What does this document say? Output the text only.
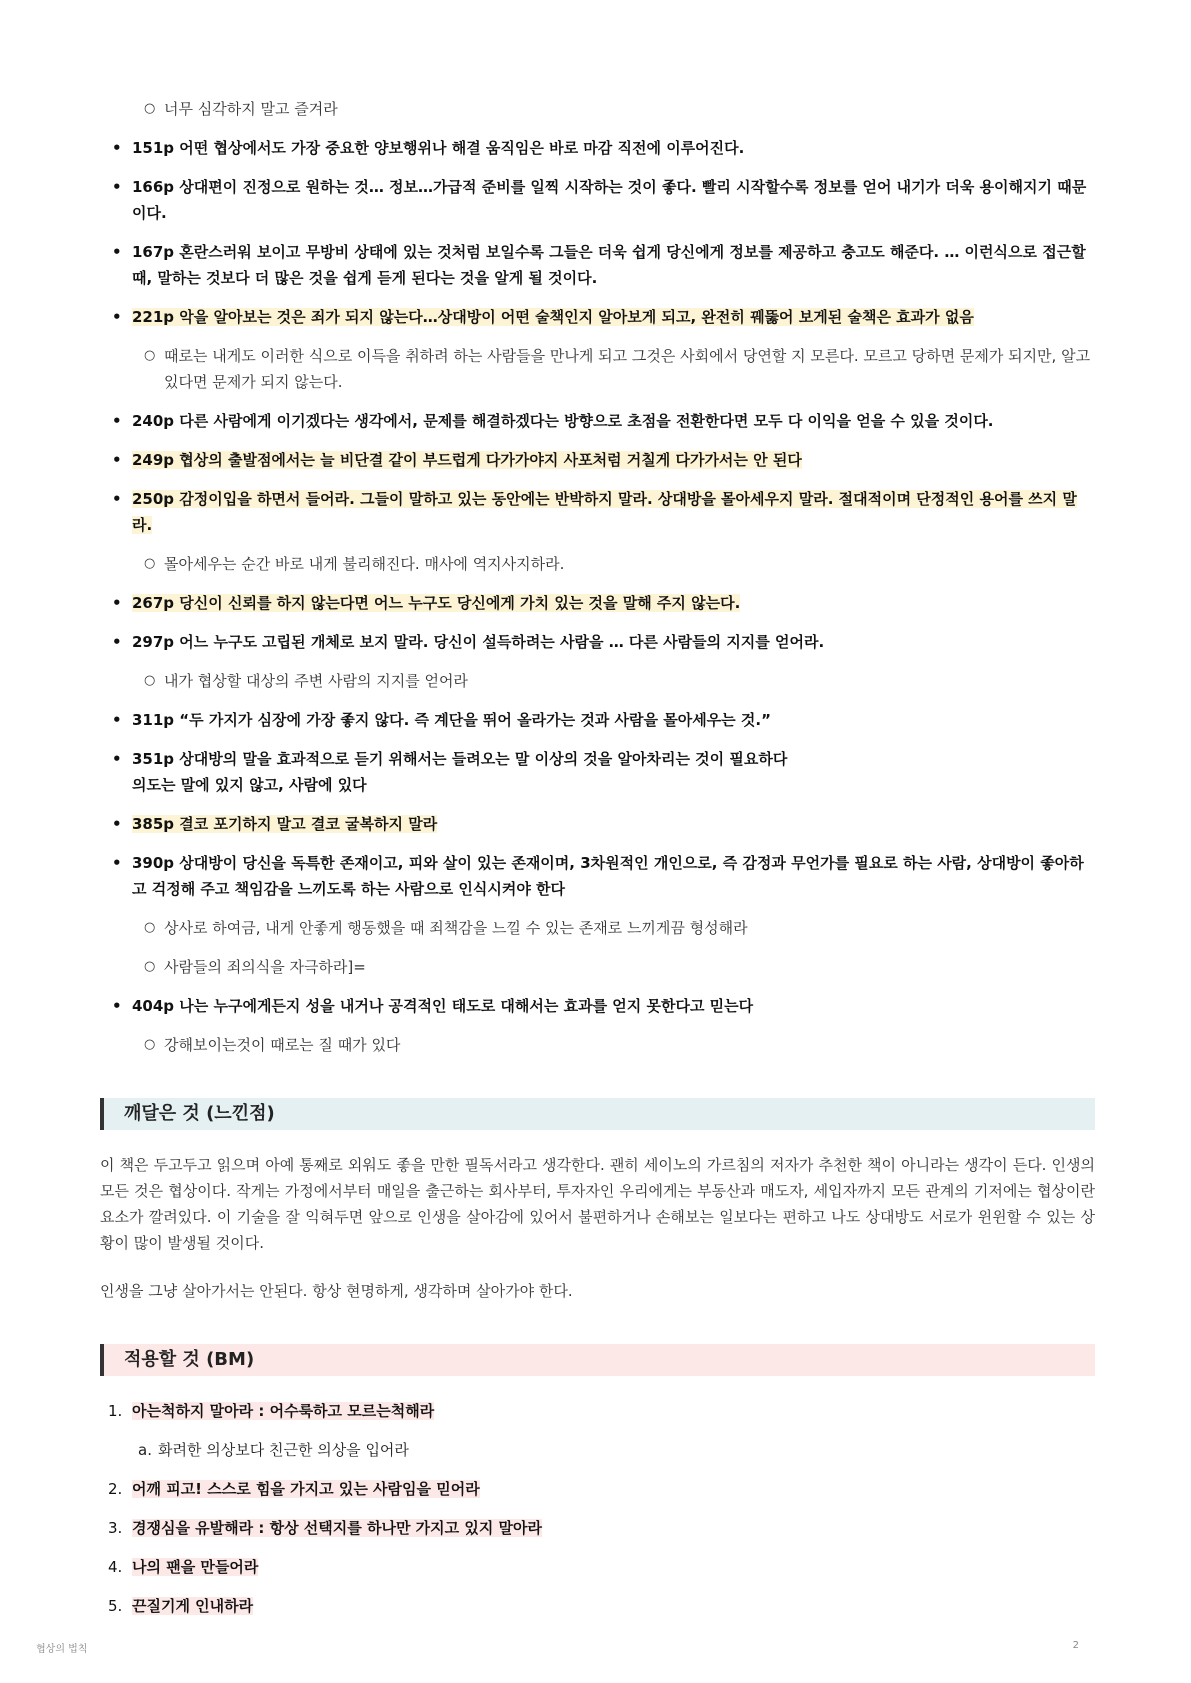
○ 너무 심각하지 말고 즐겨라
• 151p 어떤 협상에서도 가장 중요한 양보행위나 해결 움직임은 바로 마감 직전에 이루어진다.
• 166p 상대편이 진정으로 원하는 것… 정보…가급적 준비를 일찍 시작하는 것이 좋다. 빨리 시작할수록 정보를 얻어 내기가 더욱 용이해지기 때문이다.
• 167p 혼란스러워 보이고 무방비 상태에 있는 것처럼 보일수록 그들은 더욱 쉽게 당신에게 정보를 제공하고 충고도 해준다. … 이런식으로 접근할 때, 말하는 것보다 더 많은 것을 쉽게 듣게 된다는 것을 알게 될 것이다.
• 221p 악을 알아보는 것은 죄가 되지 않는다…상대방이 어떤 술책인지 알아보게 되고, 완전히 꿰뚫어 보게된 술책은 효과가 없음
○ 때로는 내게도 이러한 식으로 이득을 취하려 하는 사람들을 만나게 되고 그것은 사회에서 당연할 지 모른다. 모르고 당하면 문제가 되지만, 알고 있다면 문제가 되지 않는다.
• 240p 다른 사람에게 이기겠다는 생각에서, 문제를 해결하겠다는 방향으로 초점을 전환한다면 모두 다 이익을 얻을 수 있을 것이다.
• 249p 협상의 출발점에서는 늘 비단결 같이 부드럽게 다가가야지 사포처럼 거칠게 다가가서는 안 된다
• 250p 감정이입을 하면서 들어라. 그들이 말하고 있는 동안에는 반박하지 말라. 상대방을 몰아세우지 말라. 절대적이며 단정적인 용어를 쓰지 말라.
○ 몰아세우는 순간 바로 내게 불리해진다. 매사에 역지사지하라.
• 267p 당신이 신뢰를 하지 않는다면 어느 누구도 당신에게 가치 있는 것을 말해 주지 않는다.
• 297p 어느 누구도 고립된 개체로 보지 말라. 당신이 설득하려는 사람을 … 다른 사람들의 지지를 얻어라.
○ 내가 협상할 대상의 주변 사람의 지지를 얻어라
• 311p “두 가지가 심장에 가장 좋지 않다. 즉 계단을 뛰어 올라가는 것과 사람을 몰아세우는 것.”
• 351p 상대방의 말을 효과적으로 듣기 위해서는 들려오는 말 이상의 것을 알아차리는 것이 필요하다
의도는 말에 있지 않고, 사람에 있다
• 385p 결코 포기하지 말고 결코 굴복하지 말라
• 390p 상대방이 당신을 독특한 존재이고, 피와 살이 있는 존재이며, 3차원적인 개인으로, 즉 감정과 무언가를 필요로 하는 사람, 상대방이 좋아하고 걱정해 주고 책임감을 느끼도록 하는 사람으로 인식시켜야 한다
○ 상사로 하여금, 내게 안좋게 행동했을 때 죄책감을 느낄 수 있는 존재로 느끼게끔 형성해라
○ 사람들의 죄의식을 자극하라]=
• 404p 나는 누구에게든지 성을 내거나 공격적인 태도로 대해서는 효과를 얻지 못한다고 믿는다
○ 강해보이는것이 때로는 질 때가 있다
깨달은 것 (느낀점)

이 책은 두고두고 읽으며 아예 통째로 외워도 좋을 만한 필독서라고 생각한다. 괜히 세이노의 가르침의 저자가 추천한 책이 아니라는 생각이 든다. 인생의 모든 것은 협상이다. 작게는 가정에서부터 매일을 출근하는 회사부터, 투자자인 우리에게는 부동산과 매도자, 세입자까지 모든 관계의 기저에는 협상이란 요소가 깔려있다. 이 기술을 잘 익혀두면 앞으로 인생을 살아감에 있어서 불편하거나 손해보는 일보다는 편하고 나도 상대방도 서로가 윈윈할 수 있는 상황이 많이 발생될 것이다.

인생을 그냥 살아가서는 안된다. 항상 현명하게, 생각하며 살아가야 한다.

적용할 것 (BM)
1. 아는척하지 말아라 : 어수룩하고 모르는척해라
a. 화려한 의상보다 친근한 의상을 입어라
2. 어깨 피고! 스스로 힘을 가지고 있는 사람임을 믿어라
3. 경쟁심을 유발해라 : 항상 선택지를 하나만 가지고 있지 말아라
4. 나의 팬을 만들어라
5. 끈질기게 인내하라
협상의 법칙	2
